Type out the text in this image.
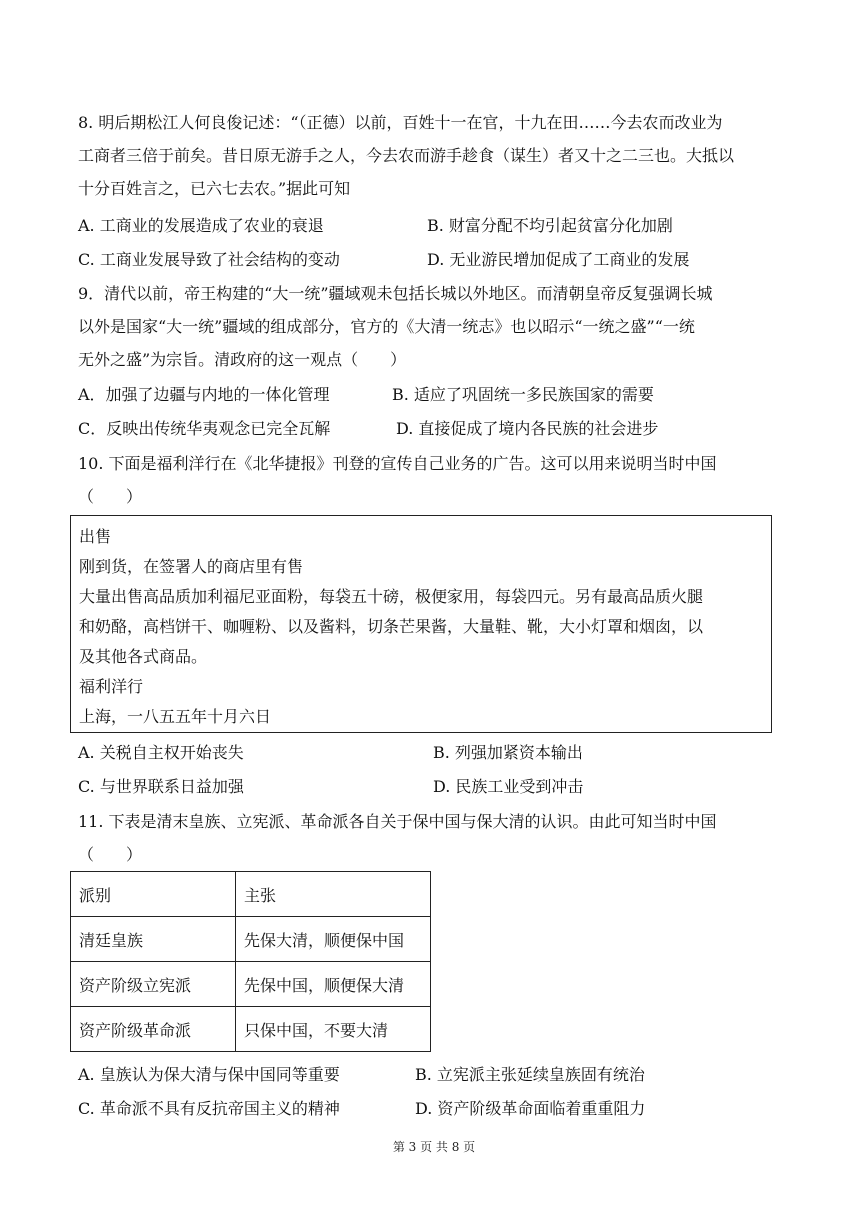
8. 明后期松江人何良俊记述：“（正德）以前，百姓十一在官，十九在田……今去农而改业为

工商者三倍于前矣。昔日原无游手之人，今去农而游手趁食（谋生）者又十之二三也。大抵以

十分百姓言之，已六七去农。”据此可知

A. 工商业的发展造成了农业的衰退	B. 财富分配不均引起贫富分化加剧
C. 工商业发展导致了社会结构的变动	D. 无业游民增加促成了工商业的发展

9．清代以前，帝王构建的“大一统”疆域观未包括长城以外地区。而清朝皇帝反复强调长城

以外是国家“大一统”疆域的组成部分，官方的《大清一统志》也以昭示“一统之盛”“一统

无外之盛”为宗旨。清政府的这一观点（　　）

A．加强了边疆与内地的一体化管理	B. 适应了巩固统一多民族国家的需要
C．反映出传统华夷观念已完全瓦解	D. 直接促成了境内各民族的社会进步

10. 下面是福利洋行在《北华捷报》刊登的宣传自己业务的广告。这可以用来说明当时中国

（　　）

出售

刚到货，在签署人的商店里有售

大量出售高品质加利福尼亚面粉，每袋五十磅，极便家用，每袋四元。另有最高品质火腿

和奶酪，高档饼干、咖喱粉、以及酱料，切条芒果酱，大量鞋、靴，大小灯罩和烟囱，以

及其他各式商品。

福利洋行

上海，一八五五年十月六日

A. 关税自主权开始丧失	B. 列强加紧资本输出
C. 与世界联系日益加强	D. 民族工业受到冲击

11. 下表是清末皇族、立宪派、革命派各自关于保中国与保大清的认识。由此可知当时中国

（　　）

派别	主张
清廷皇族	先保大清，顺便保中国
资产阶级立宪派	先保中国，顺便保大清
资产阶级革命派	只保中国，不要大清
A. 皇族认为保大清与保中国同等重要	B. 立宪派主张延续皇族固有统治
C. 革命派不具有反抗帝国主义的精神	D. 资产阶级革命面临着重重阻力
第 3 页 共 8 页
